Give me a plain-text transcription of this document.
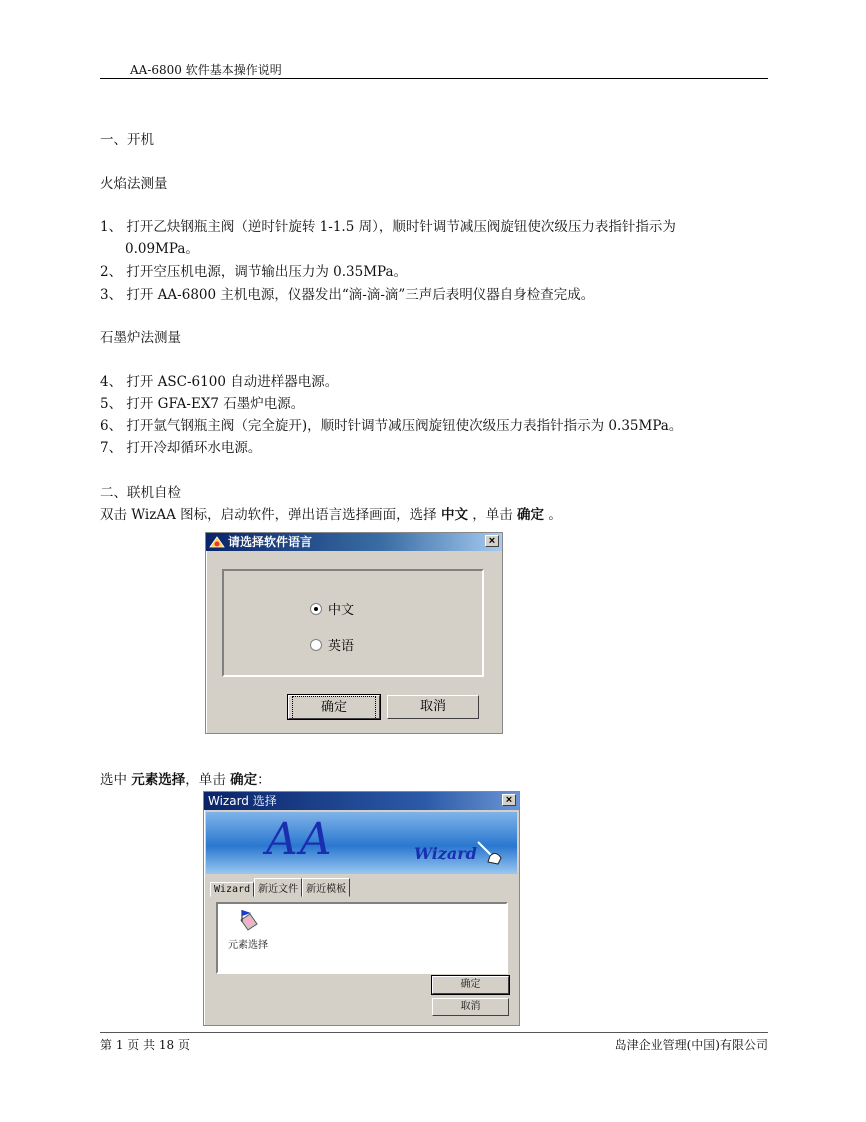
AA-6800 软件基本操作说明
一、开机
火焰法测量
1、 打开乙炔钢瓶主阀（逆时针旋转 1-1.5 周），顺时针调节减压阀旋钮使次级压力表指针指示为
0.09MPa。
2、 打开空压机电源，调节输出压力为 0.35MPa。
3、 打开 AA-6800 主机电源，仪器发出“滴-滴-滴”三声后表明仪器自身检查完成。
石墨炉法测量
4、 打开 ASC-6100 自动进样器电源。
5、 打开 GFA-EX7 石墨炉电源。
6、 打开氩气钢瓶主阀（完全旋开)，顺时针调节减压阀旋钮使次级压力表指针指示为 0.35MPa。
7、 打开冷却循环水电源。
二、联机自检
双击 WizAA 图标，启动软件，弹出语言选择画面，选择 中文 ，单击 确定 。
请选择软件语言	×
中文
英语
确定	取消
选中 元素选择，单击 确定：
Wizard 选择	×
AA	Wizard
Wizard 新近文件 新近模板
元素选择
确定
取消
第 1 页 共 18 页	岛津企业管理(中国)有限公司
